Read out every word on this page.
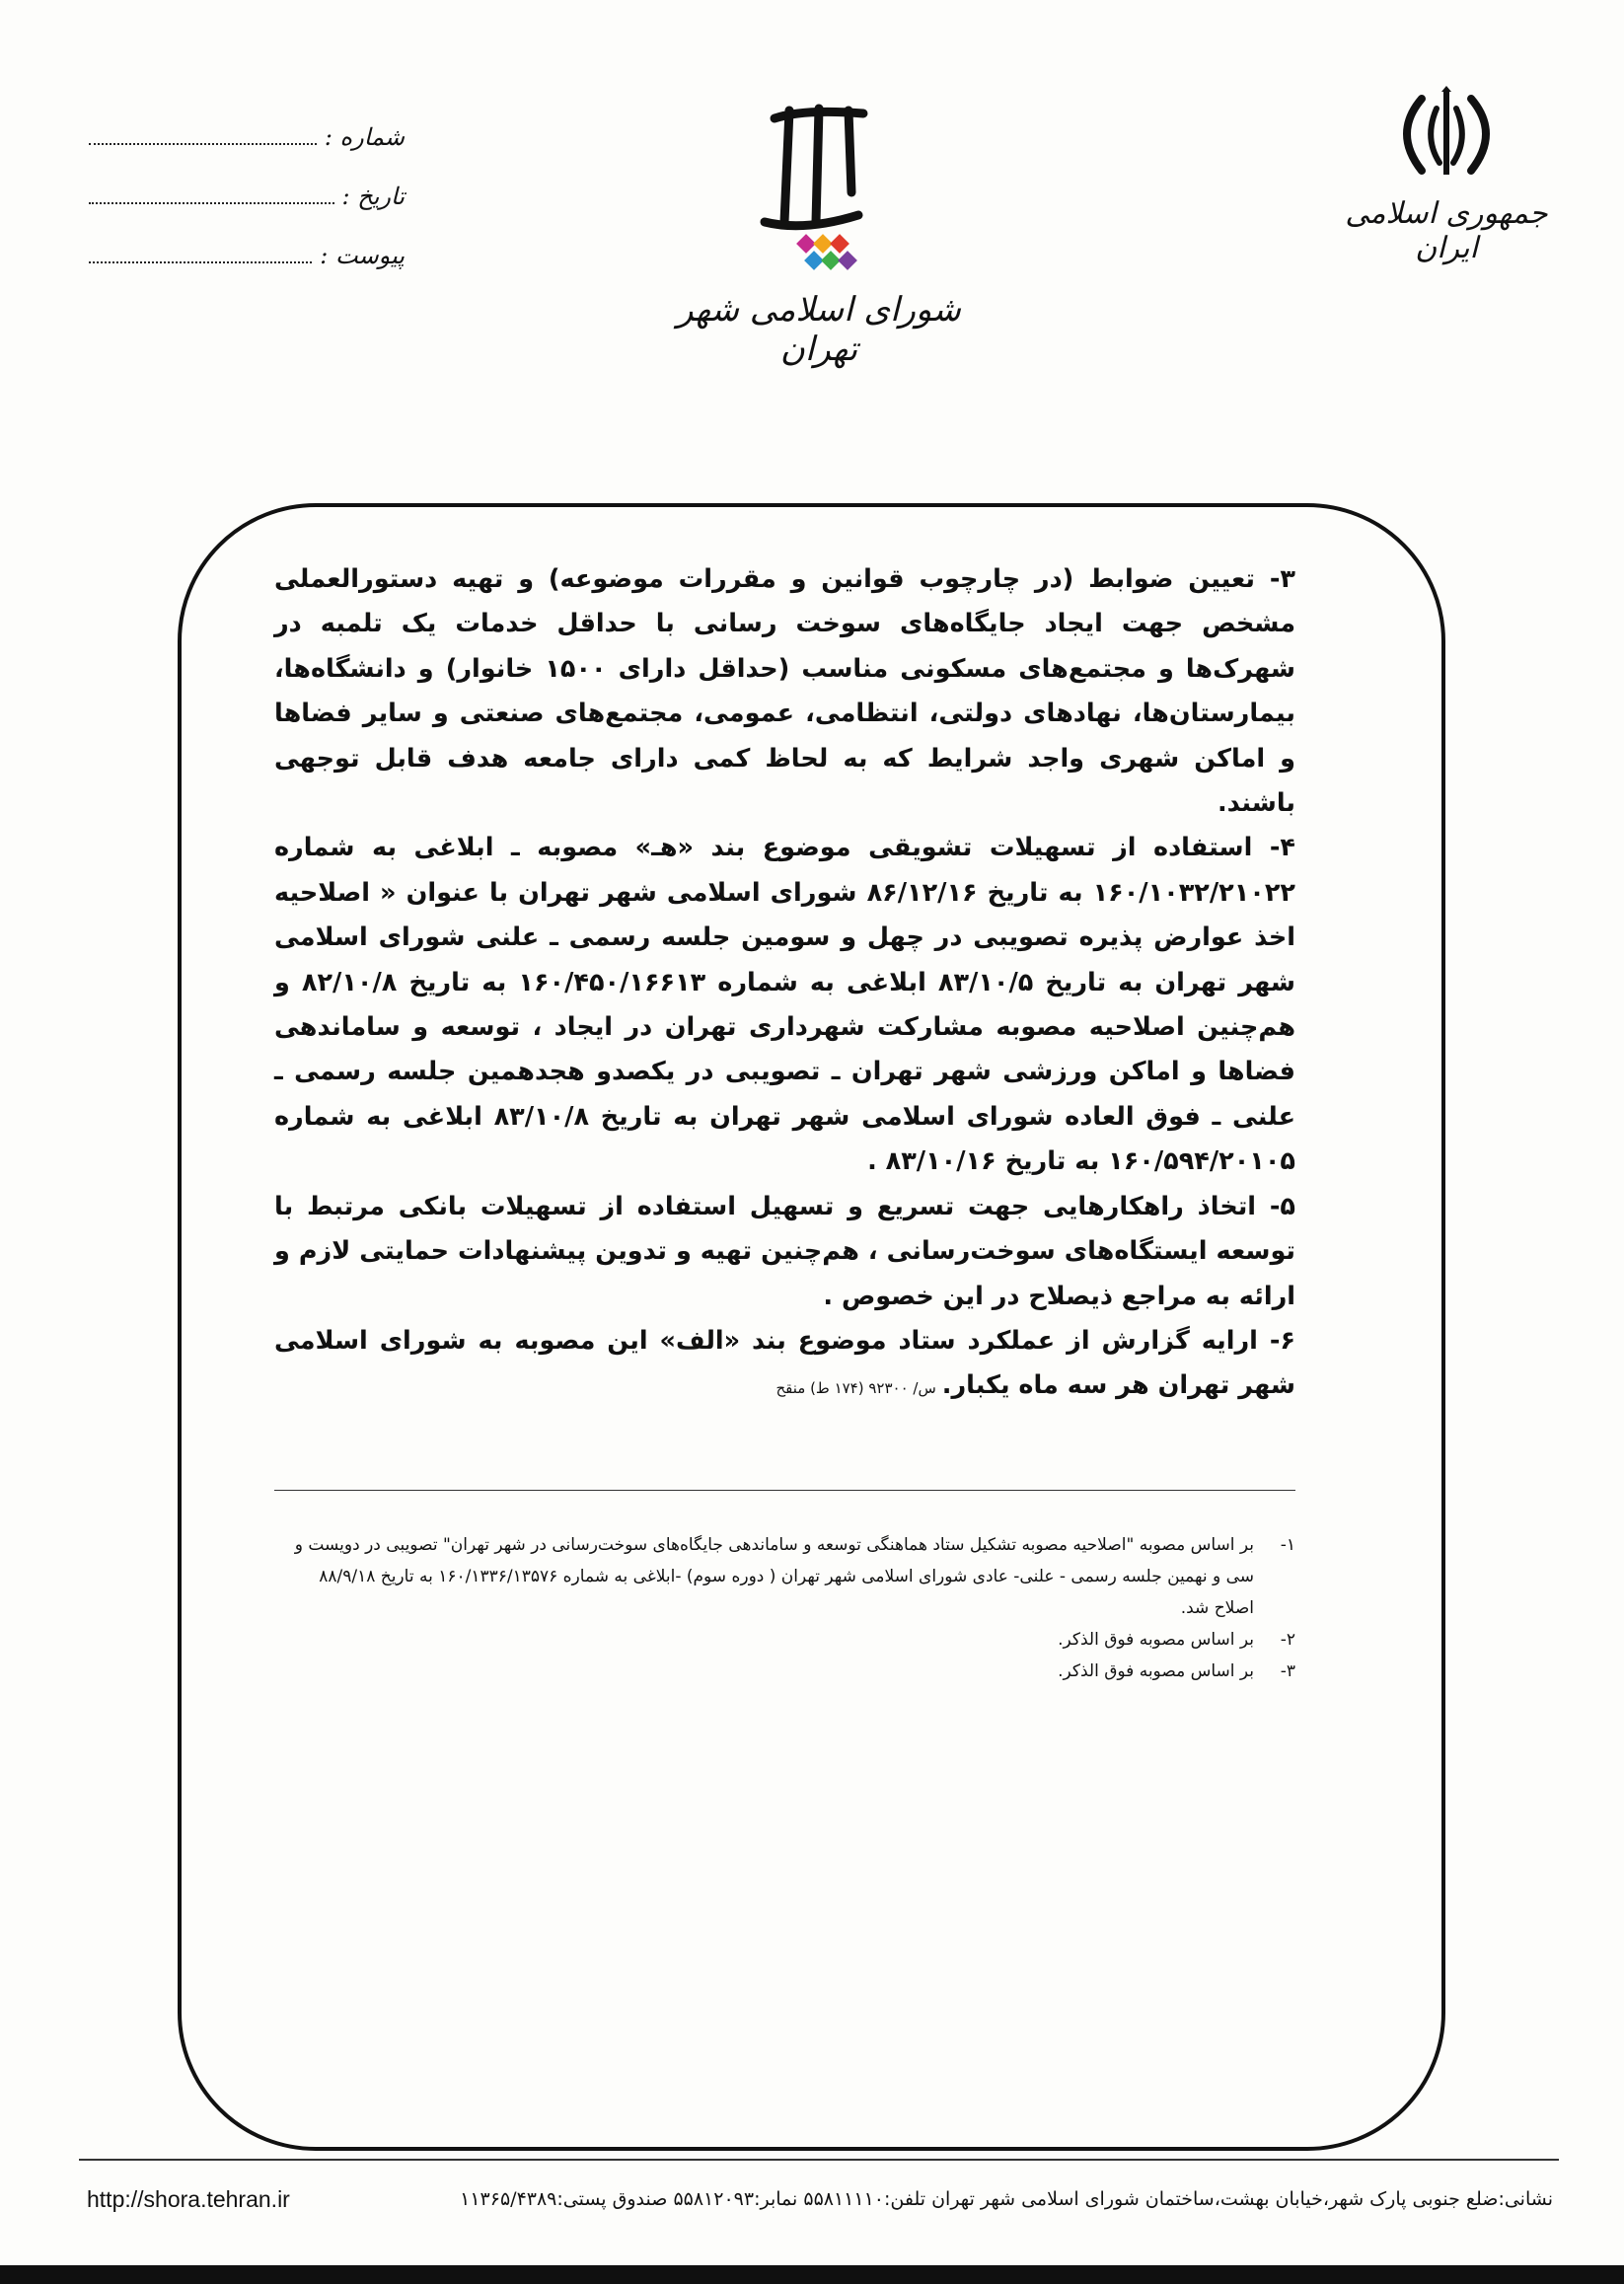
جمهوری اسلامی ایران
شورای اسلامی شهر تهران
شماره :
تاریخ :
پیوست :

۳- تعیین ضوابط (در چارچوب قوانین و مقررات موضوعه) و تهیه دستورالعملی مشخص جهت ایجاد جایگاه‌های سوخت رسانی با حداقل خدمات یک تلمبه در شهرک‌ها و مجتمع‌های مسکونی مناسب (حداقل دارای ۱۵۰۰ خانوار) و دانشگاه‌ها، بیمارستان‌ها، نهادهای دولتی، انتظامی، عمومی، مجتمع‌های صنعتی و سایر فضاها و اماکن شهری واجد شرایط که به لحاظ کمی دارای جامعه هدف قابل توجهی باشند.

۴- استفاده از تسهیلات تشویقی موضوع بند «هـ» مصوبه ـ ابلاغی به شماره ۱۶۰/۱۰۳۲/۲۱۰۲۲ به تاریخ ۸۶/۱۲/۱۶ شورای اسلامی شهر تهران با عنوان « اصلاحیه اخذ عوارض پذیره تصویبی در چهل و سومین جلسه رسمی ـ علنی شورای اسلامی شهر تهران به تاریخ ۸۳/۱۰/۵ ابلاغی به شماره ۱۶۰/۴۵۰/۱۶۶۱۳ به تاریخ ۸۲/۱۰/۸ و هم‌چنین اصلاحیه مصوبه مشارکت شهرداری تهران در ایجاد ، توسعه و ساماندهی فضاها و اماکن ورزشی شهر تهران ـ تصویبی در یکصدو هجدهمین جلسه رسمی ـ علنی ـ فوق العاده شورای اسلامی شهر تهران به تاریخ ۸۳/۱۰/۸ ابلاغی به شماره ۱۶۰/۵۹۴/۲۰۱۰۵ به تاریخ ۸۳/۱۰/۱۶ .

۵- اتخاذ راهکارهایی جهت تسریع و تسهیل استفاده از تسهیلات بانکی مرتبط با توسعه ایستگاه‌های سوخت‌رسانی ، هم‌چنین تهیه و تدوین پیشنهادات حمایتی لازم و ارائه به مراجع ذیصلاح در این خصوص .

۶- ارایه گزارش از عملکرد ستاد موضوع بند «الف» این مصوبه به شورای اسلامی شهر تهران هر سه ماه یکبار.س/ ۹۲۳۰۰ (۱۷۴ ط) منقح

۱-
بر اساس مصوبه "اصلاحیه مصوبه تشکیل ستاد هماهنگی توسعه و ساماندهی جایگاه‌های سوخت‌رسانی در شهر تهران" تصویبی در دویست و سی و نهمین جلسه رسمی - علنی- عادی شورای اسلامی شهر تهران ( دوره سوم) -ابلاغی به شماره ۱۶۰/۱۳۳۶/۱۳۵۷۶ به تاریخ ۸۸/۹/۱۸ اصلاح شد.
۲-
بر اساس مصوبه فوق الذکر.
۳-
بر اساس مصوبه فوق الذکر.
نشانی:ضلع جنوبی پارک شهر،خیابان بهشت،ساختمان شورای اسلامی شهر تهران تلفن:۵۵۸۱۱۱۱۰ نمابر:۵۵۸۱۲۰۹۳ صندوق پستی:۱۱۳۶۵/۴۳۸۹
http://shora.tehran.ir
